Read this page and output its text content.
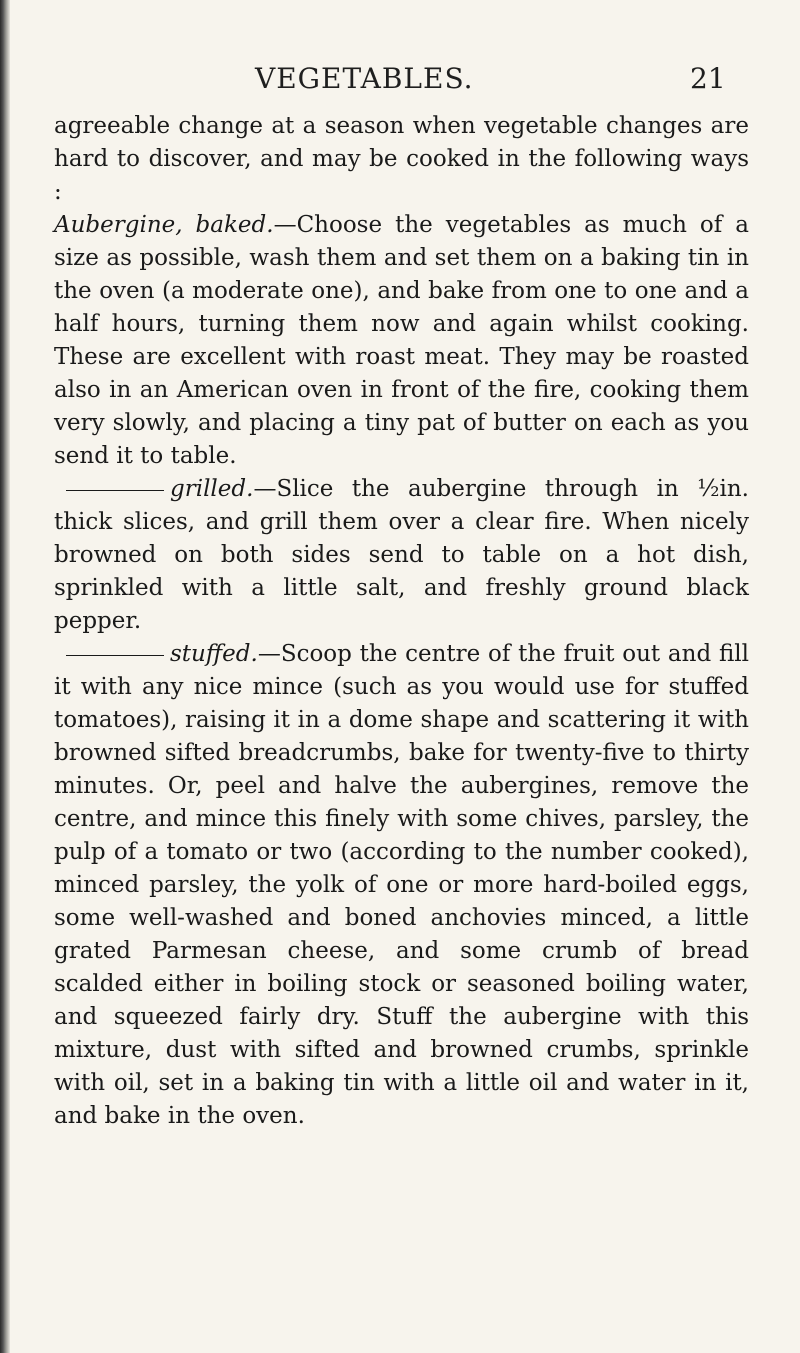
VEGETABLES.	21

agreeable change at a season when vegetable changes are hard to discover, and may be cooked in the following ways :

Aubergine, baked.—Choose the vegetables as much of a size as possible, wash them and set them on a baking tin in the oven (a moderate one), and bake from one to one and a half hours, turning them now and again whilst cooking. These are excellent with roast meat. They may be roasted also in an American oven in front of the fire, cooking them very slowly, and placing a tiny pat of butter on each as you send it to table.

grilled.—Slice the aubergine through in ½in. thick slices, and grill them over a clear fire. When nicely browned on both sides send to table on a hot dish, sprinkled with a little salt, and freshly ground black pepper.

stuffed.—Scoop the centre of the fruit out and fill it with any nice mince (such as you would use for stuffed tomatoes), raising it in a dome shape and scattering it with browned sifted breadcrumbs, bake for twenty-five to thirty minutes. Or, peel and halve the aubergines, remove the centre, and mince this finely with some chives, parsley, the pulp of a tomato or two (according to the number cooked), minced parsley, the yolk of one or more hard-boiled eggs, some well-washed and boned anchovies minced, a little grated Parmesan cheese, and some crumb of bread scalded either in boiling stock or seasoned boiling water, and squeezed fairly dry. Stuff the aubergine with this mixture, dust with sifted and browned crumbs, sprinkle with oil, set in a baking tin with a little oil and water in it, and bake in the oven.
